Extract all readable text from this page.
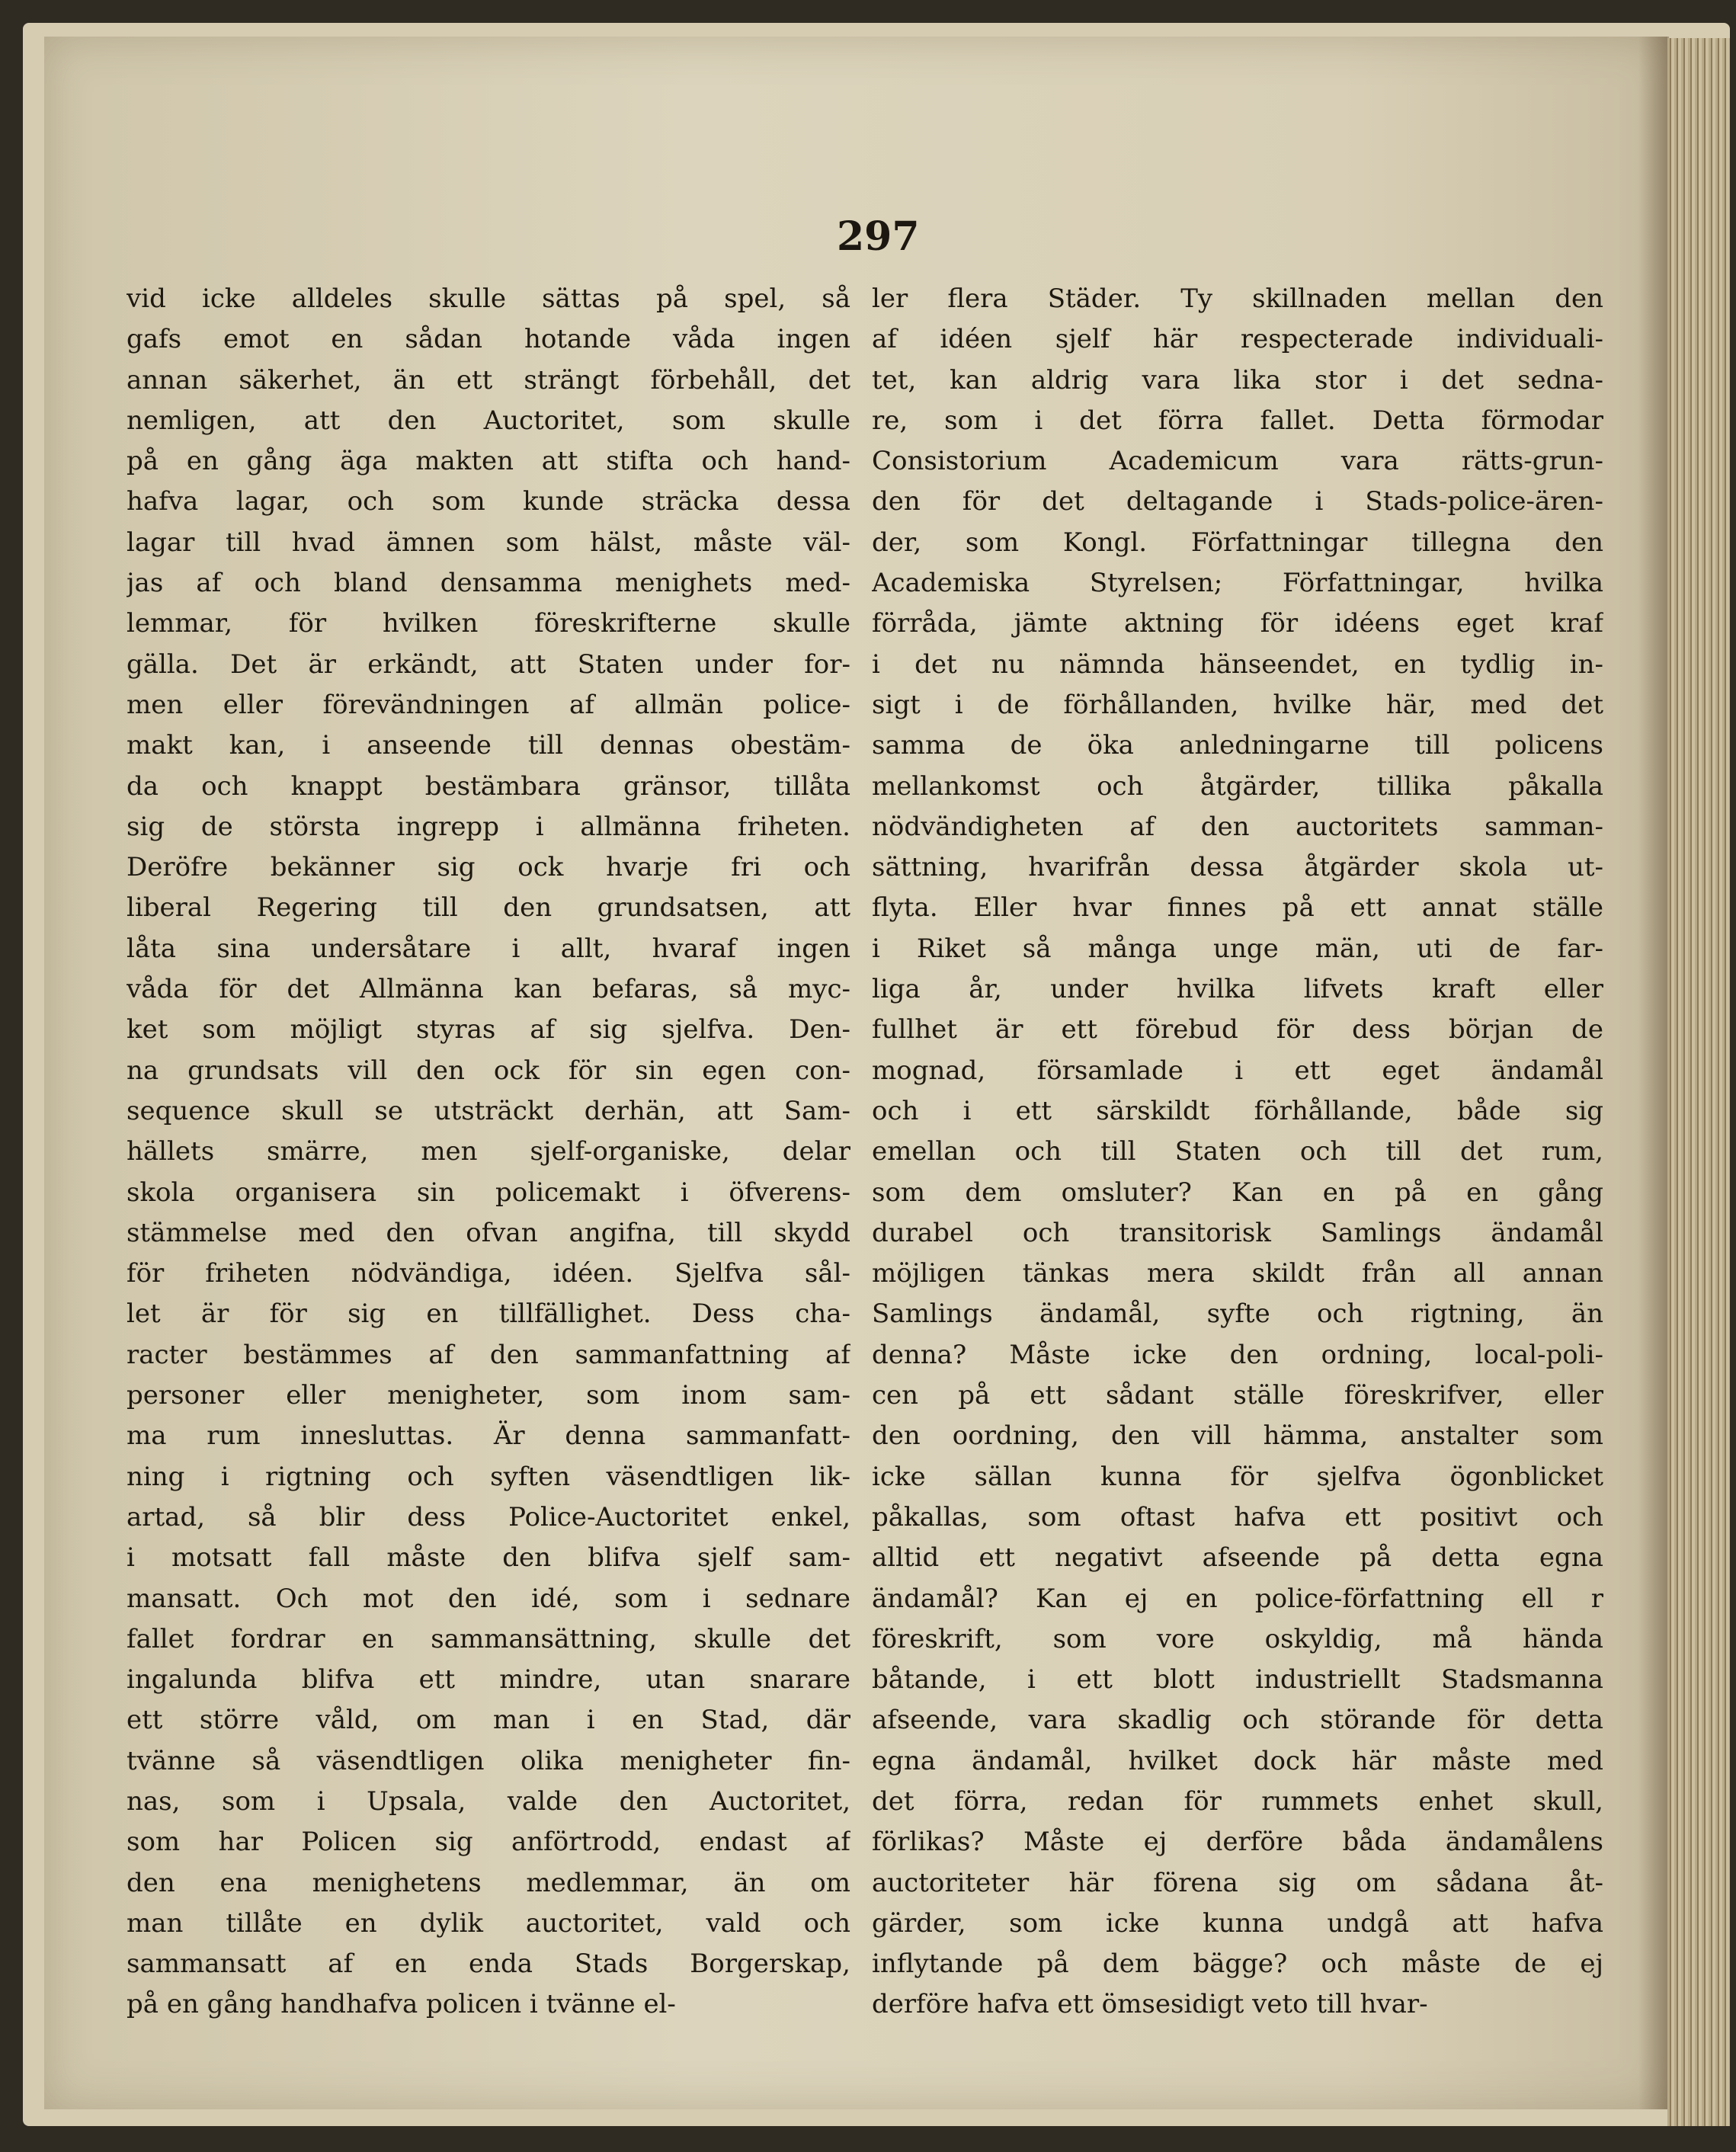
297
vid icke alldeles skulle sättas på spel, så
gafs emot en sådan hotande våda ingen
annan säkerhet, än ett strängt förbehåll, det
nemligen, att den Auctoritet, som skulle
på en gång äga makten att stifta och hand-
hafva lagar, och som kunde sträcka dessa
lagar till hvad ämnen som hälst, måste väl-
jas af och bland densamma menighets med-
lemmar, för hvilken föreskrifterne skulle
gälla. Det är erkändt, att Staten under for-
men eller förevändningen af allmän police-
makt kan, i anseende till dennas obestäm-
da och knappt bestämbara gränsor, tillåta
sig de största ingrepp i allmänna friheten.
Deröfre bekänner sig ock hvarje fri och
liberal Regering till den grundsatsen, att
låta sina undersåtare i allt, hvaraf ingen
våda för det Allmänna kan befaras, så myc-
ket som möjligt styras af sig sjelfva. Den-
na grundsats vill den ock för sin egen con-
sequence skull se utsträckt derhän, att Sam-
hällets smärre, men sjelf-organiske, delar
skola organisera sin policemakt i öfverens-
stämmelse med den ofvan angifna, till skydd
för friheten nödvändiga, idéen. Sjelfva sål-
let är för sig en tillfällighet. Dess cha-
racter bestämmes af den sammanfattning af
personer eller menigheter, som inom sam-
ma rum innesluttas. Är denna sammanfatt-
ning i rigtning och syften väsendtligen lik-
artad, så blir dess Police-Auctoritet enkel,
i motsatt fall måste den blifva sjelf sam-
mansatt. Och mot den idé, som i sednare
fallet fordrar en sammansättning, skulle det
ingalunda blifva ett mindre, utan snarare
ett större våld, om man i en Stad, där
tvänne så väsendtligen olika menigheter fin-
nas, som i Upsala, valde den Auctoritet,
som har Policen sig anförtrodd, endast af
den ena menighetens medlemmar, än om
man tillåte en dylik auctoritet, vald och
sammansatt af en enda Stads Borgerskap,
på en gång handhafva policen i tvänne el-
ler flera Städer. Ty skillnaden mellan den
af idéen sjelf här respecterade individuali-
tet, kan aldrig vara lika stor i det sedna-
re, som i det förra fallet. Detta förmodar
Consistorium Academicum vara rätts-grun-
den för det deltagande i Stads-police-ären-
der, som Kongl. Författningar tillegna den
Academiska Styrelsen; Författningar, hvilka
förråda, jämte aktning för idéens eget kraf
i det nu nämnda hänseendet, en tydlig in-
sigt i de förhållanden, hvilke här, med det
samma de öka anledningarne till policens
mellankomst och åtgärder, tillika påkalla
nödvändigheten af den auctoritets samman-
sättning, hvarifrån dessa åtgärder skola ut-
flyta. Eller hvar finnes på ett annat ställe
i Riket så många unge män, uti de far-
liga år, under hvilka lifvets kraft eller
fullhet är ett förebud för dess början de
mognad, församlade i ett eget ändamål
och i ett särskildt förhållande, både sig
emellan och till Staten och till det rum,
som dem omsluter? Kan en på en gång
durabel och transitorisk Samlings ändamål
möjligen tänkas mera skildt från all annan
Samlings ändamål, syfte och rigtning, än
denna? Måste icke den ordning, local-poli-
cen på ett sådant ställe föreskrifver, eller
den oordning, den vill hämma, anstalter som
icke sällan kunna för sjelfva ögonblicket
påkallas, som oftast hafva ett positivt och
alltid ett negativt afseende på detta egna
ändamål? Kan ej en police-författning ell r
föreskrift, som vore oskyldig, må hända
båtande, i ett blott industriellt Stadsmanna
afseende, vara skadlig och störande för detta
egna ändamål, hvilket dock här måste med
det förra, redan för rummets enhet skull,
förlikas? Måste ej derföre båda ändamålens
auctoriteter här förena sig om sådana åt-
gärder, som icke kunna undgå att hafva
inflytande på dem bägge? och måste de ej
derföre hafva ett ömsesidigt veto till hvar-
